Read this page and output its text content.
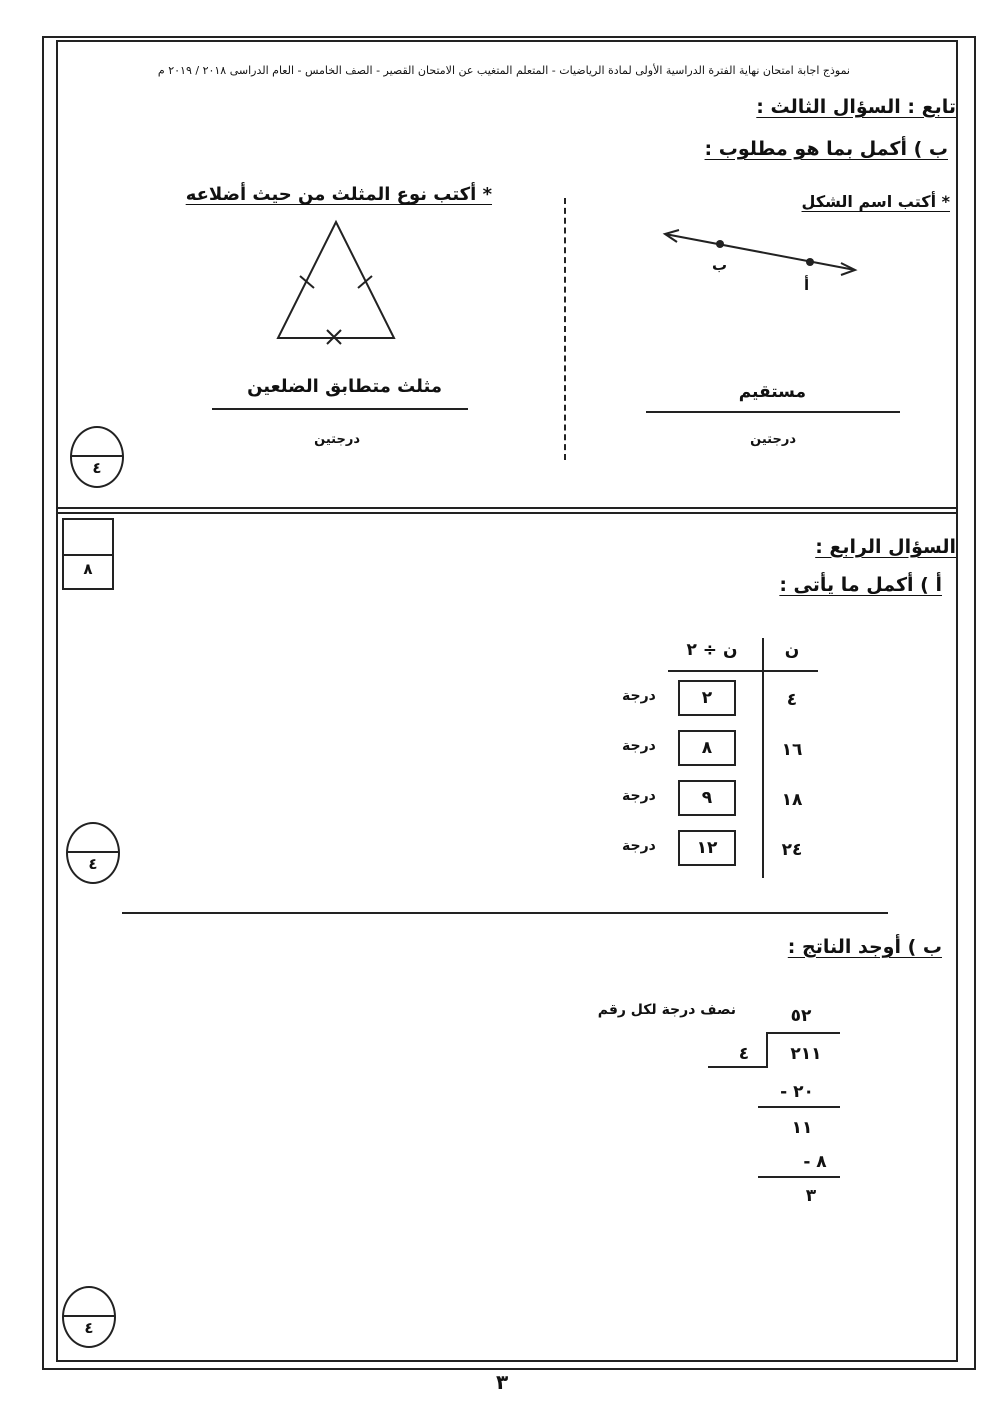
نموذج اجابة امتحان نهاية الفترة الدراسية الأولى لمادة الرياضيات - المتعلم المتغيب عن الامتحان القصير - الصف الخامس - العام الدراسى ٢٠١٨ / ٢٠١٩ م
تابع : السؤال الثالث :
ب ) أكمل بما هو مطلوب :
* أكتب اسم الشكل
* أكتب نوع المثلث من حيث أضلاعه
ب
أ
مستقيم
درجتين
مثلث متطابق الضلعين
درجتين
٤
٨
السؤال الرابع :
أ ) أكمل ما يأتى :
ن
ن ÷ ٢
٤
٢
درجة
١٦
٨
درجة
١٨
٩
درجة
٢٤
١٢
درجة
٤
ب ) أوجد الناتج :
نصف درجة لكل رقم	٥٢
٤	٢١١
٢٠ -
١١
٨ -
٣
٤
٣
